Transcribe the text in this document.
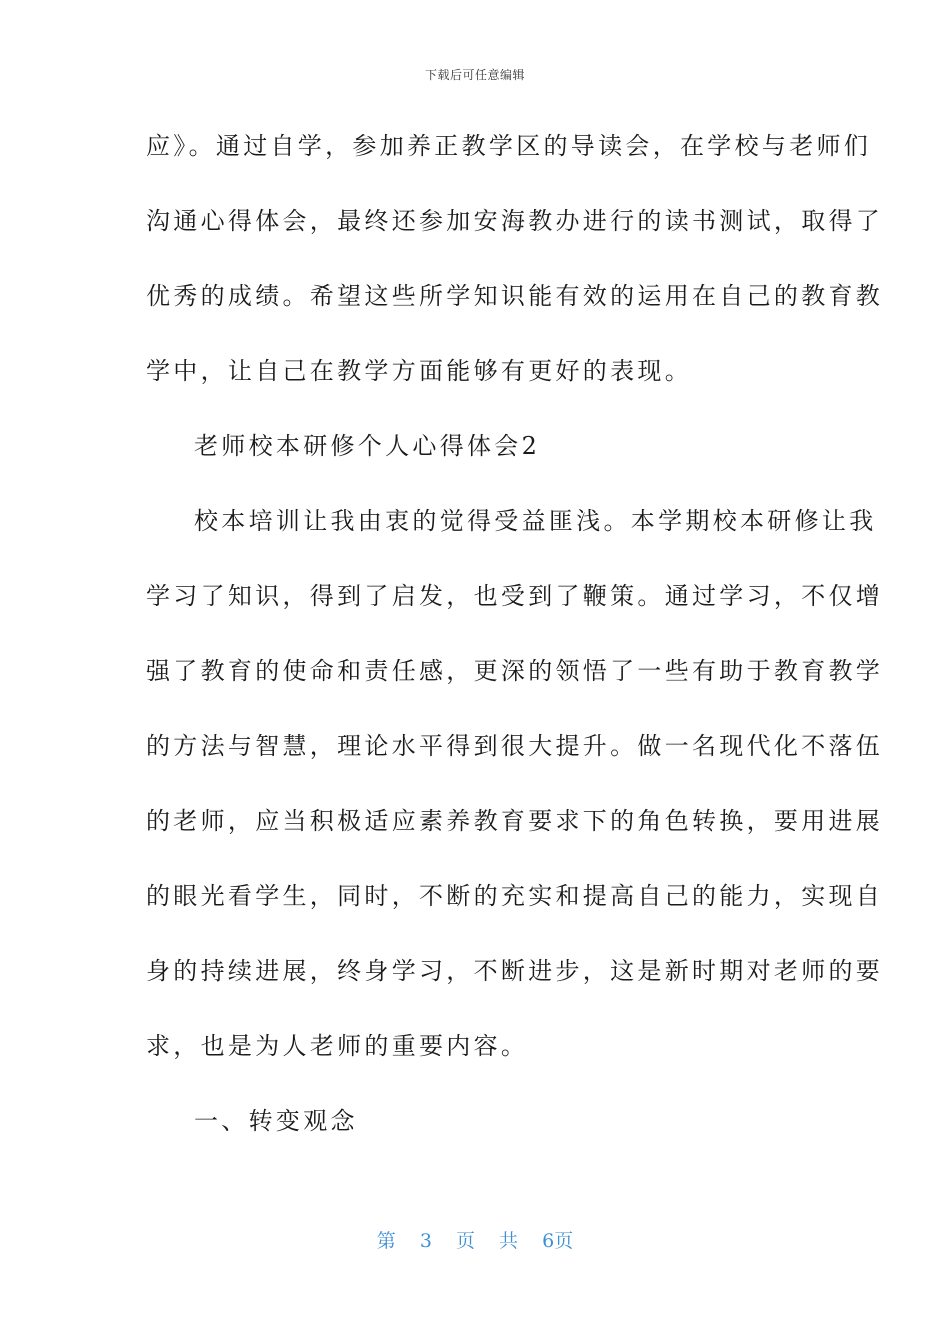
下载后可任意编辑
应》。通过自学，参加养正教学区的导读会，在学校与老师们
沟通心得体会，最终还参加安海教办进行的读书测试，取得了
优秀的成绩。希望这些所学知识能有效的运用在自己的教育教
学中，让自己在教学方面能够有更好的表现。
老师校本研修个人心得体会2
校本培训让我由衷的觉得受益匪浅。本学期校本研修让我
学习了知识，得到了启发，也受到了鞭策。通过学习，不仅增
强了教育的使命和责任感，更深的领悟了一些有助于教育教学
的方法与智慧，理论水平得到很大提升。做一名现代化不落伍
的老师，应当积极适应素养教育要求下的角色转换，要用进展
的眼光看学生，同时，不断的充实和提高自己的能力，实现自
身的持续进展，终身学习，不断进步，这是新时期对老师的要
求，也是为人老师的重要内容。
一、转变观念
第 3 页 共 6页
